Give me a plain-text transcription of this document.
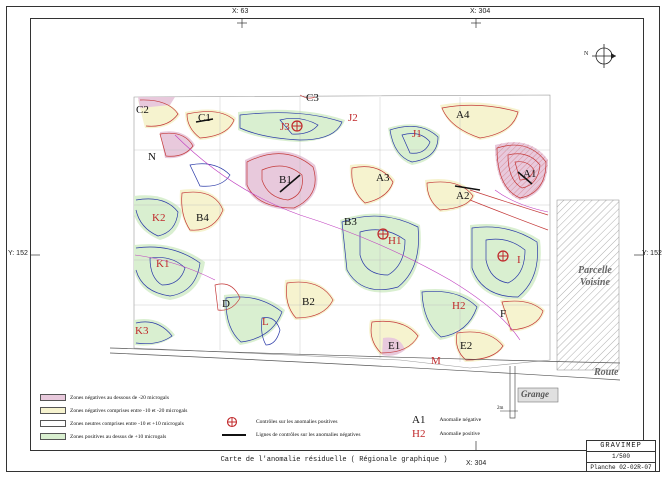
X: 63	X: 304
X: 304
Y: 152	Y: 152
C2
C1
C3
A4
N
B1	A3
A2
A1
B4	B3
B2
D
E1	E2
F
J3
J2
J1
K2
H1
K1	I
L
H2
K3
M
N
Parcelle
Voisine
Route
Grange
2m
Zones négatives au dessous de -20 microgals
Zones négatives comprises entre -10 et -20 microgals
Zones neutres comprises entre -10 et +10 microgals
Zones positives au dessus de +10 microgals
Contrôles sur les anomalies positives
Lignes de contrôles sur les anomalies négatives
A1	Anomalie négative
H2	Anomalie positive
Carte de l'anomalie résiduelle ( Régionale graphique )
GRAVIMEP
1/500
Planche 02-02R-07
